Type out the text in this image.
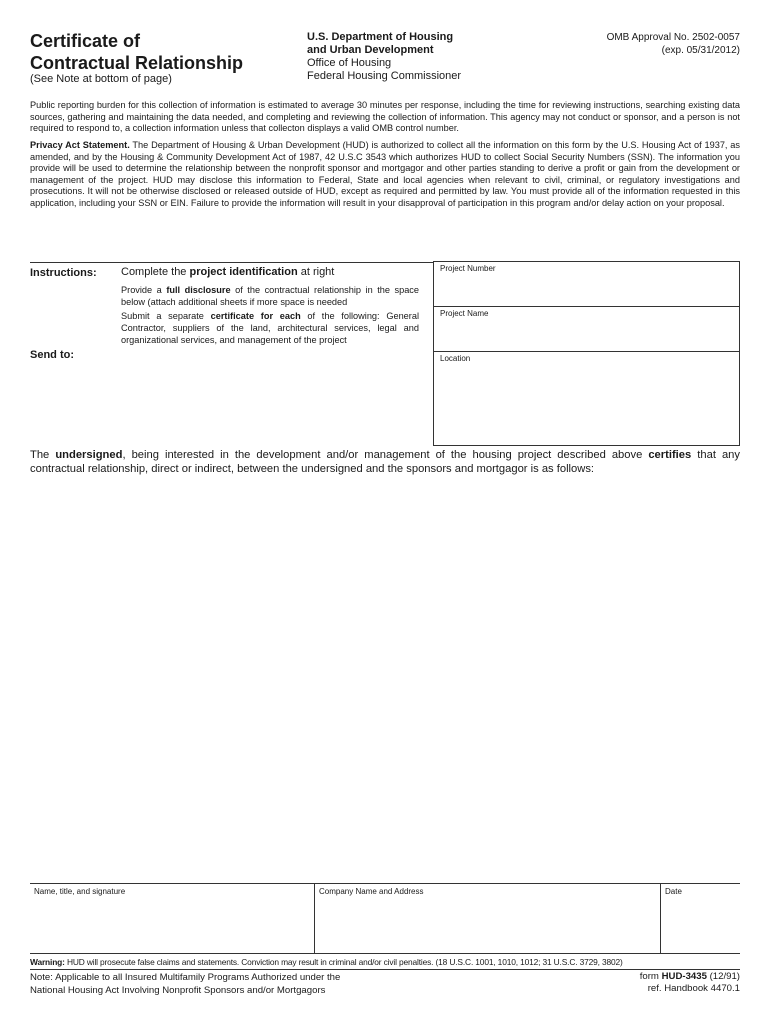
Certificate of
Contractual Relationship
(See Note at bottom of page)
U.S. Department of Housing
and Urban Development
Office of Housing
Federal Housing Commissioner
OMB Approval No. 2502-0057
(exp. 05/31/2012)

Public reporting burden for this collection of information is estimated to average 30 minutes per response, including the time for reviewing instructions, searching existing data sources, gathering and maintaining the data needed, and completing and reviewing the collection of information. This agency may not conduct or sponsor, and a person is not required to respond to, a collection information unless that collecton displays a valid OMB control number.

Privacy Act Statement. The Department of Housing & Urban Development (HUD) is authorized to collect all the information on this form by the U.S. Housing Act of 1937, as amended, and by the Housing & Community Development Act of 1987, 42 U.S.C 3543 which authorizes HUD to collect Social Security Numbers (SSN). The information you provide will be used to determine the relationship between the nonprofit sponsor and mortgagor and other parties standing to derive a profit or gain from the development or management of the project. HUD may disclose this information to Federal, State and local agencies when relevant to civil, criminal, or regulatory investigations and prosecutions. It will not be otherwise disclosed or released outside of HUD, except as required and permitted by law. You must provide all of the information requested in this application, including your SSN or EIN. Failure to provide the information will result in your disapproval of participation in this program and/or delay action on your proposal.

Instructions: Complete the project identification at right

Provide a full disclosure of the contractual relationship in the space below (attach additional sheets if more space is needed

Submit a separate certificate for each of the following: General Contractor, suppliers of the land, architectural services, legal and organizational services, and management of the project

Send to:
Project Number
Project Name
Location

The undersigned, being interested in the development and/or management of the housing project described above certifies that any contractual relationship, direct or indirect, between the undersigned and the sponsors and mortgagor is as follows:

Name, title, and signature	Company Name and Address	Date
Warning: HUD will prosecute false claims and statements. Conviction may result in criminal and/or civil penalties. (18 U.S.C. 1001, 1010, 1012; 31 U.S.C. 3729, 3802)
Note: Applicable to all Insured Multifamily Programs Authorized under the
National Housing Act Involving Nonprofit Sponsors and/or Mortgagors
form HUD-3435 (12/91)
ref. Handbook 4470.1
